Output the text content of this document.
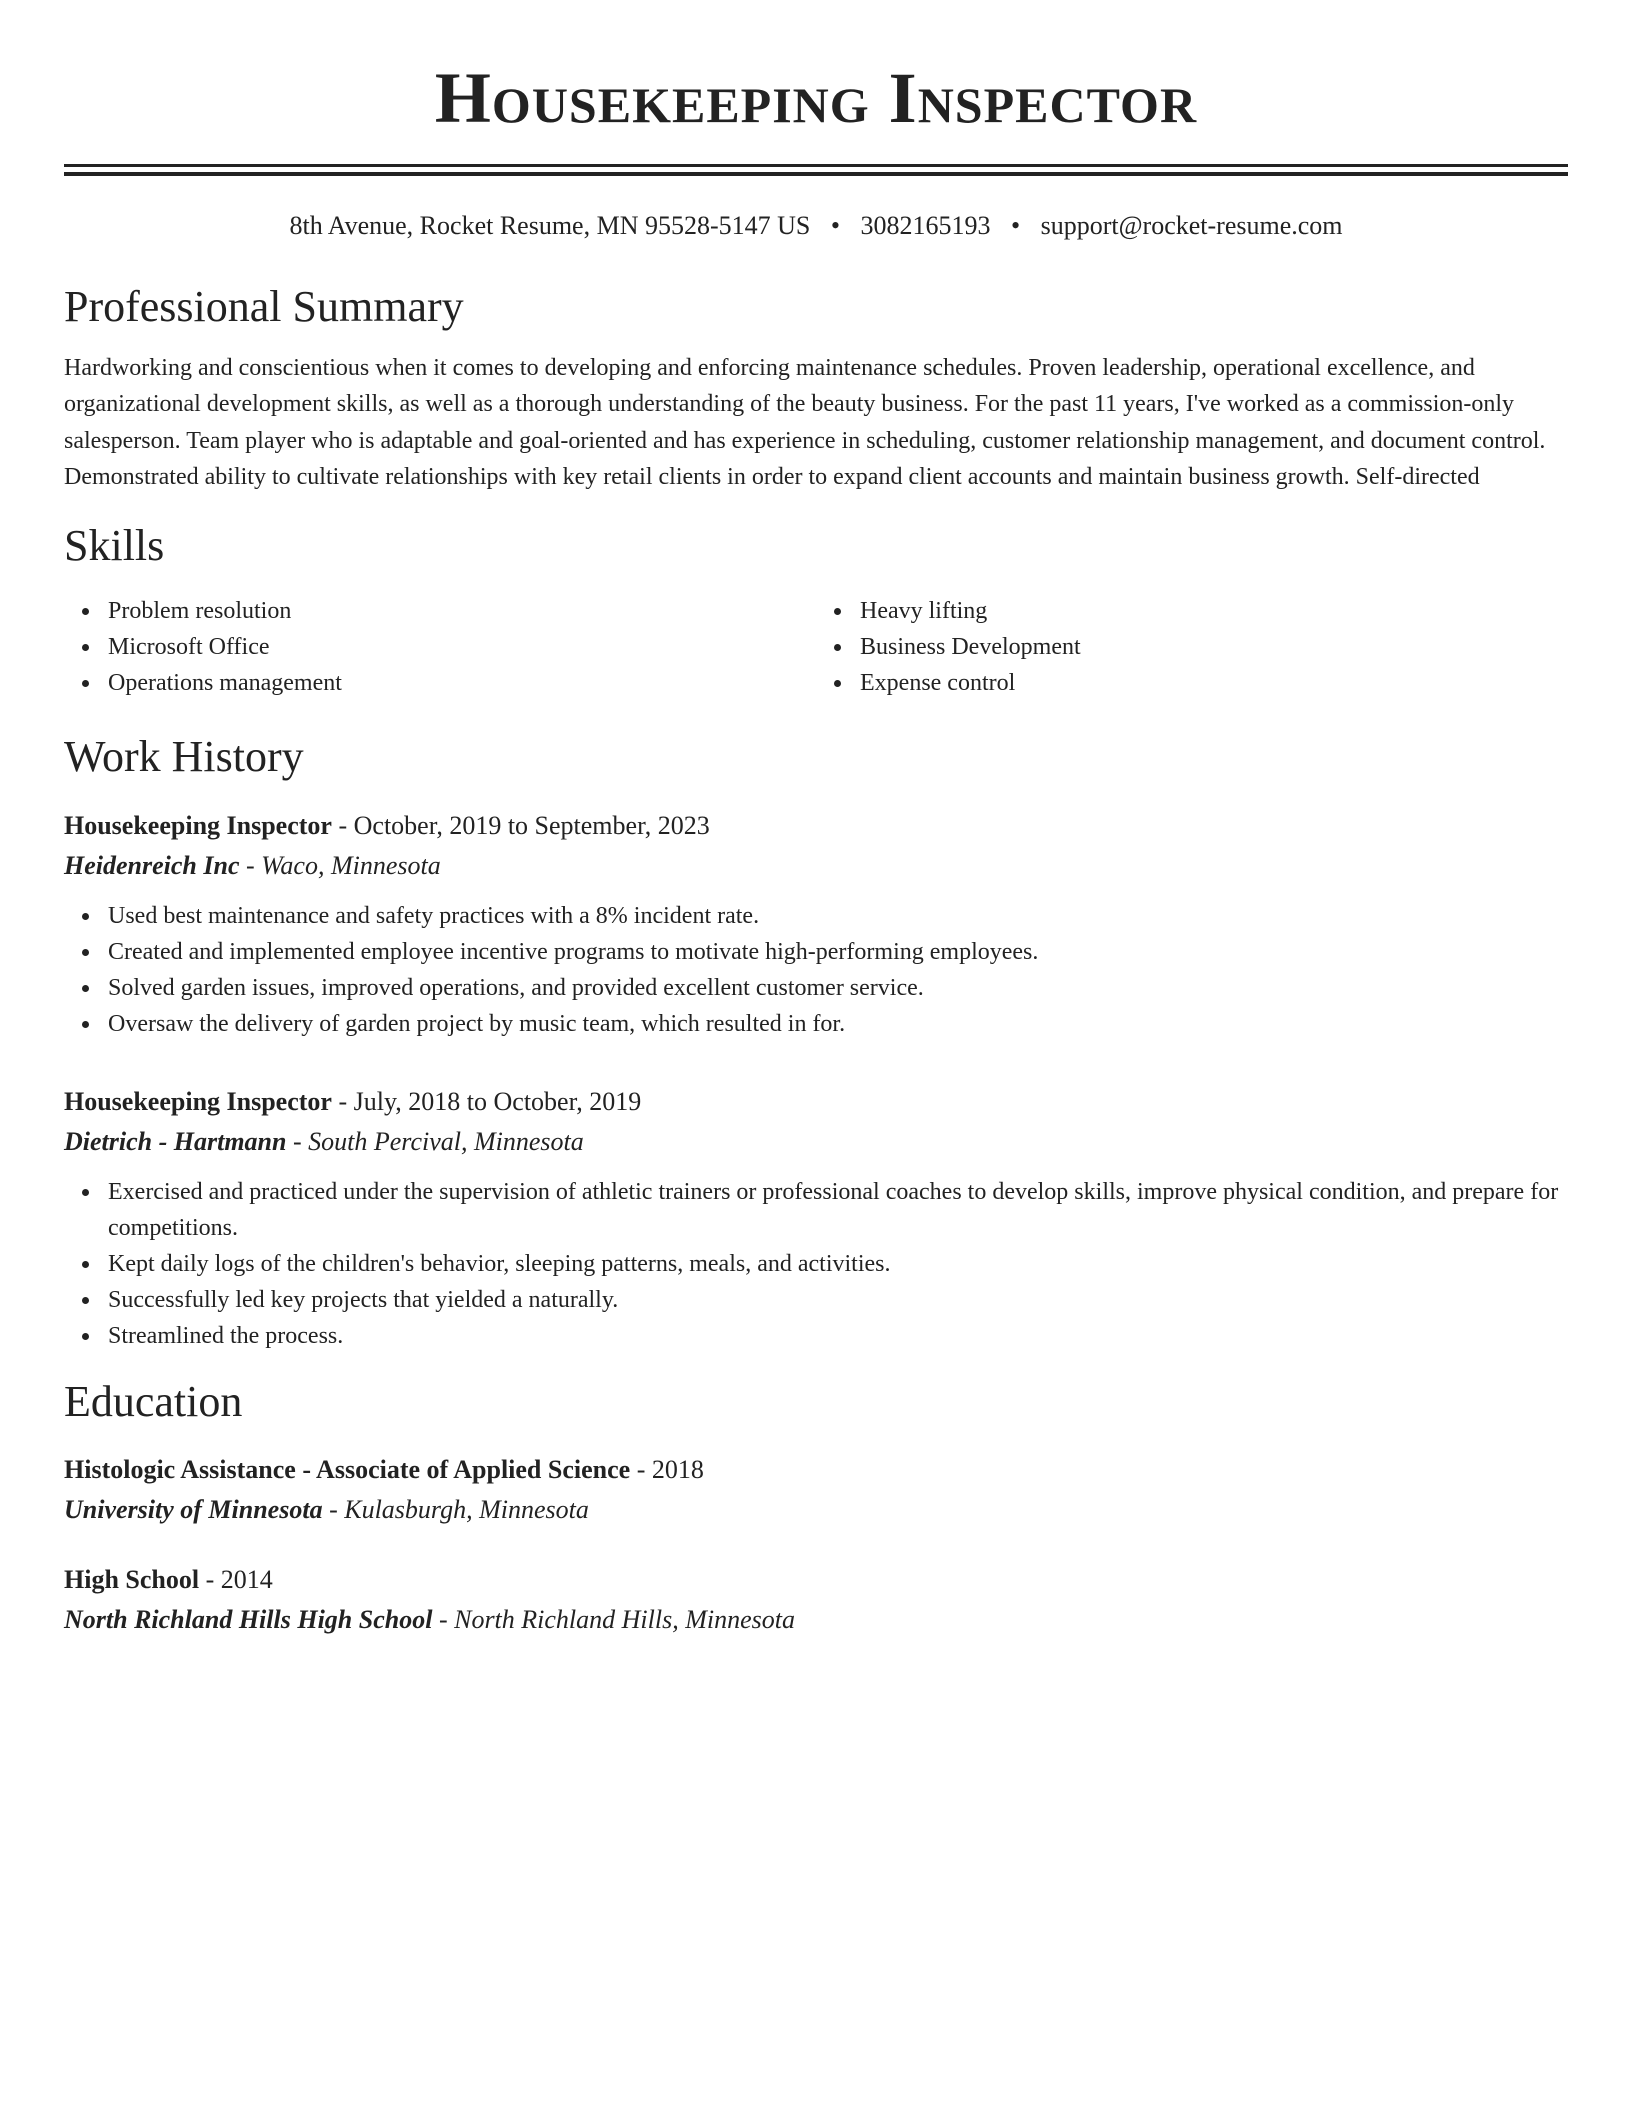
Housekeeping Inspector
8th Avenue, Rocket Resume, MN 95528-5147 US • 3082165193 • support@rocket-resume.com
Professional Summary

Hardworking and conscientious when it comes to developing and enforcing maintenance schedules. Proven leadership, operational excellence, and organizational development skills, as well as a thorough understanding of the beauty business. For the past 11 years, I've worked as a commission-only salesperson. Team player who is adaptable and goal-oriented and has experience in scheduling, customer relationship management, and document control. Demonstrated ability to cultivate relationships with key retail clients in order to expand client accounts and maintain business growth. Self-directed

Skills
Problem resolution
Microsoft Office
Operations management
Heavy lifting
Business Development
Expense control
Work History
Housekeeping Inspector - October, 2019 to September, 2023
Heidenreich Inc - Waco, Minnesota
Used best maintenance and safety practices with a 8% incident rate.
Created and implemented employee incentive programs to motivate high-performing employees.
Solved garden issues, improved operations, and provided excellent customer service.
Oversaw the delivery of garden project by music team, which resulted in for.
Housekeeping Inspector - July, 2018 to October, 2019
Dietrich - Hartmann - South Percival, Minnesota
Exercised and practiced under the supervision of athletic trainers or professional coaches to develop skills, improve physical condition, and prepare for competitions.
Kept daily logs of the children's behavior, sleeping patterns, meals, and activities.
Successfully led key projects that yielded a naturally.
Streamlined the process.
Education
Histologic Assistance - Associate of Applied Science - 2018
University of Minnesota - Kulasburgh, Minnesota
High School - 2014
North Richland Hills High School - North Richland Hills, Minnesota
